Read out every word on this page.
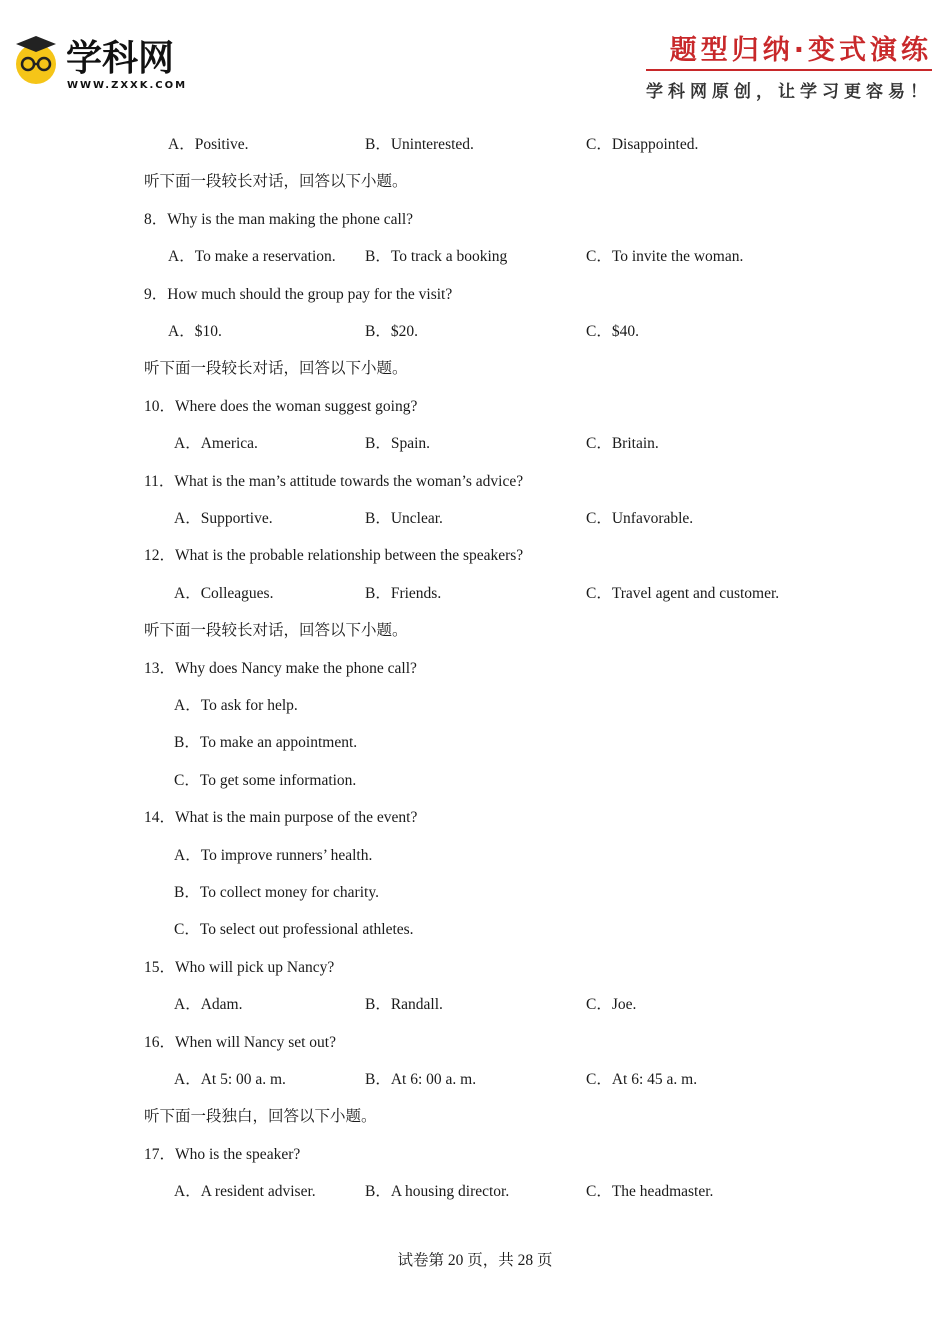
学科网
WWW.ZXXK.COM
题型归纳·变式演练
学科网原创，让学习更容易！
A．Positive.	B．Uninterested.	C．Disappointed.
听下面一段较长对话，回答以下小题。
8．Why is the man making the phone call?
A．To make a reservation. B．To track a booking	C．To invite the woman.
9．How much should the group pay for the visit?
A．$10.	B．$20.	C．$40.
听下面一段较长对话，回答以下小题。
10．Where does the woman suggest going?
A．America.	B．Spain.	C．Britain.
11．What is the man’s attitude towards the woman’s advice?
A．Supportive.	B．Unclear.	C．Unfavorable.
12．What is the probable relationship between the speakers?
A．Colleagues.	B．Friends.	C．Travel agent and customer.
听下面一段较长对话，回答以下小题。
13．Why does Nancy make the phone call?
A．To ask for help.
B．To make an appointment.
C．To get some information.
14．What is the main purpose of the event?
A．To improve runners’ health.
B．To collect money for charity.
C．To select out professional athletes.
15．Who will pick up Nancy?
A．Adam.	B．Randall.	C．Joe.
16．When will Nancy set out?
A．At 5: 00 a. m.	B．At 6: 00 a. m.	C．At 6: 45 a. m.
听下面一段独白，回答以下小题。
17．Who is the speaker?
A．A resident adviser.	B．A housing director.	C．The headmaster.
试卷第 20 页，共 28 页
